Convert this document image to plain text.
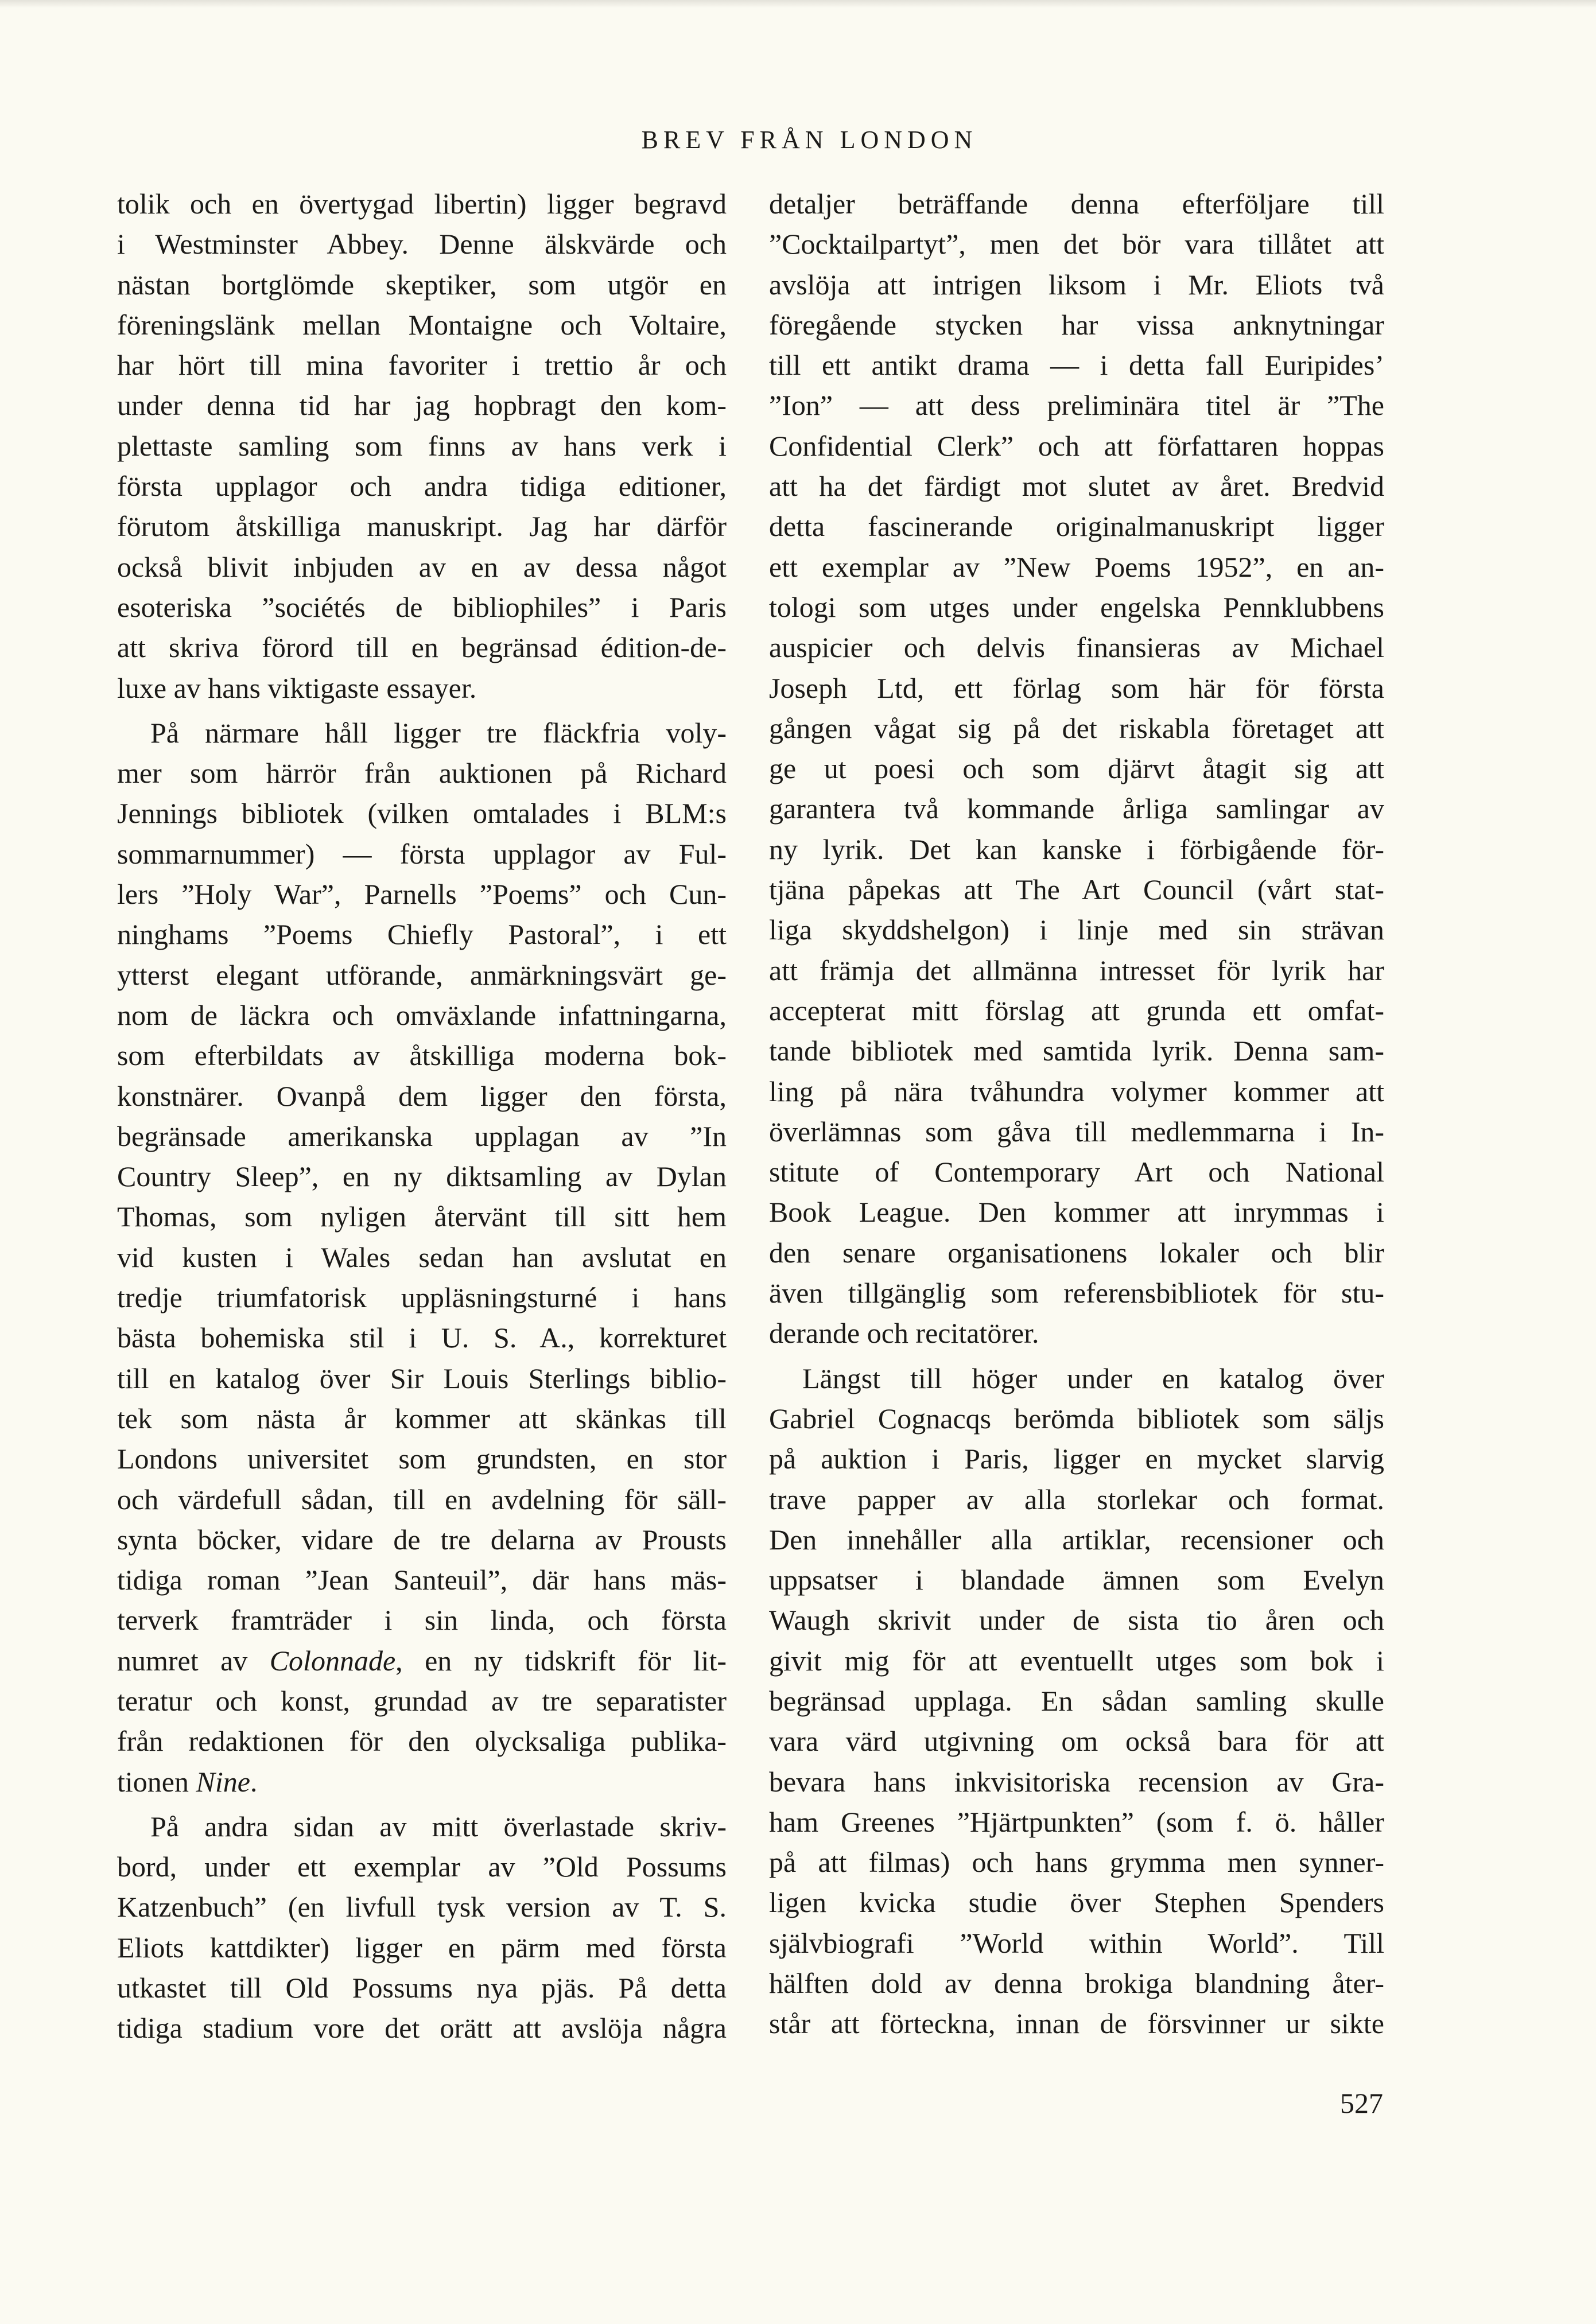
BREV FRÅN LONDON
tolik och en övertygad libertin) ligger begravd
i Westminster Abbey. Denne älskvärde och
nästan bortglömde skeptiker, som utgör en
föreningslänk mellan Montaigne och Voltaire,
har hört till mina favoriter i trettio år och
under denna tid har jag hopbragt den kom-
plettaste samling som finns av hans verk i
första upplagor och andra tidiga editioner,
förutom åtskilliga manuskript. Jag har därför
också blivit inbjuden av en av dessa något
esoteriska ”sociétés de bibliophiles” i Paris
att skriva förord till en begränsad édition-de-
luxe av hans viktigaste essayer.
På närmare håll ligger tre fläckfria voly-
mer som härrör från auktionen på Richard
Jennings bibliotek (vilken omtalades i BLM:s
sommarnummer) — första upplagor av Ful-
lers ”Holy War”, Parnells ”Poems” och Cun-
ninghams ”Poems Chiefly Pastoral”, i ett
ytterst elegant utförande, anmärkningsvärt ge-
nom de läckra och omväxlande infattningarna,
som efterbildats av åtskilliga moderna bok-
konstnärer. Ovanpå dem ligger den första,
begränsade amerikanska upplagan av ”In
Country Sleep”, en ny diktsamling av Dylan
Thomas, som nyligen återvänt till sitt hem
vid kusten i Wales sedan han avslutat en
tredje triumfatorisk uppläsningsturné i hans
bästa bohemiska stil i U. S. A., korrekturet
till en katalog över Sir Louis Sterlings biblio-
tek som nästa år kommer att skänkas till
Londons universitet som grundsten, en stor
och värdefull sådan, till en avdelning för säll-
synta böcker, vidare de tre delarna av Prousts
tidiga roman ”Jean Santeuil”, där hans mäs-
terverk framträder i sin linda, och första
numret av Colonnade, en ny tidskrift för lit-
teratur och konst, grundad av tre separatister
från redaktionen för den olycksaliga publika-
tionen Nine.
På andra sidan av mitt överlastade skriv-
bord, under ett exemplar av ”Old Possums
Katzenbuch” (en livfull tysk version av T. S.
Eliots kattdikter) ligger en pärm med första
utkastet till Old Possums nya pjäs. På detta
tidiga stadium vore det orätt att avslöja några
detaljer beträffande denna efterföljare till
”Cocktailpartyt”, men det bör vara tillåtet att
avslöja att intrigen liksom i Mr. Eliots två
föregående stycken har vissa anknytningar
till ett antikt drama — i detta fall Euripides’
”Ion” — att dess preliminära titel är ”The
Confidential Clerk” och att författaren hoppas
att ha det färdigt mot slutet av året. Bredvid
detta fascinerande originalmanuskript ligger
ett exemplar av ”New Poems 1952”, en an-
tologi som utges under engelska Pennklubbens
auspicier och delvis finansieras av Michael
Joseph Ltd, ett förlag som här för första
gången vågat sig på det riskabla företaget att
ge ut poesi och som djärvt åtagit sig att
garantera två kommande årliga samlingar av
ny lyrik. Det kan kanske i förbigående för-
tjäna påpekas att The Art Council (vårt stat-
liga skyddshelgon) i linje med sin strävan
att främja det allmänna intresset för lyrik har
accepterat mitt förslag att grunda ett omfat-
tande bibliotek med samtida lyrik. Denna sam-
ling på nära tvåhundra volymer kommer att
överlämnas som gåva till medlemmarna i In-
stitute of Contemporary Art och National
Book League. Den kommer att inrymmas i
den senare organisationens lokaler och blir
även tillgänglig som referensbibliotek för stu-
derande och recitatörer.
Längst till höger under en katalog över
Gabriel Cognacqs berömda bibliotek som säljs
på auktion i Paris, ligger en mycket slarvig
trave papper av alla storlekar och format.
Den innehåller alla artiklar, recensioner och
uppsatser i blandade ämnen som Evelyn
Waugh skrivit under de sista tio åren och
givit mig för att eventuellt utges som bok i
begränsad upplaga. En sådan samling skulle
vara värd utgivning om också bara för att
bevara hans inkvisitoriska recension av Gra-
ham Greenes ”Hjärtpunkten” (som f. ö. håller
på att filmas) och hans grymma men synner-
ligen kvicka studie över Stephen Spenders
självbiografi ”World within World”. Till
hälften dold av denna brokiga blandning åter-
står att förteckna, innan de försvinner ur sikte
527
